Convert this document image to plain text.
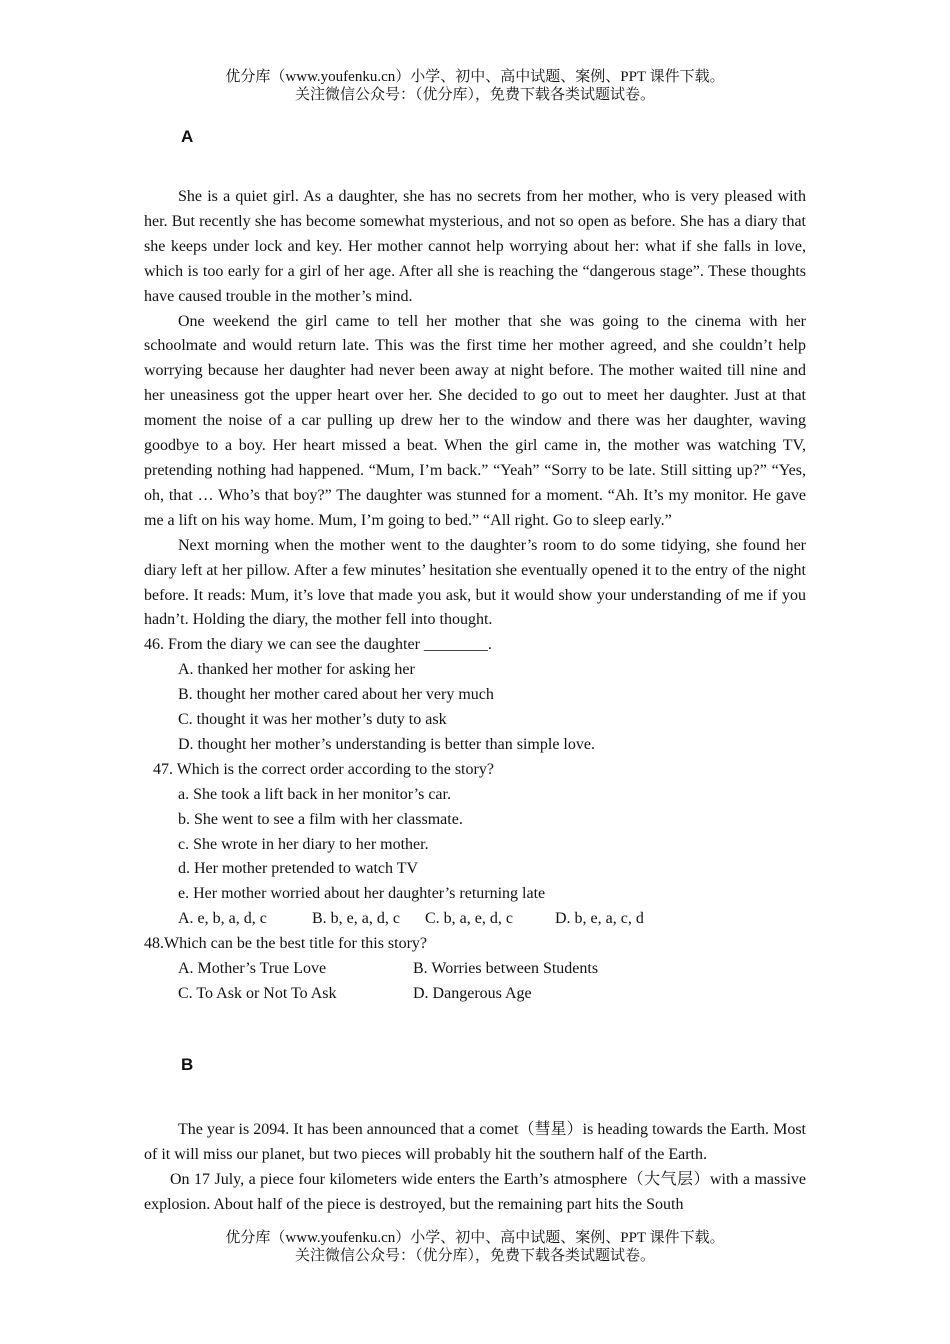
优分库（www.youfenku.cn）小学、初中、高中试题、案例、PPT 课件下载。
关注微信公众号：（优分库），免费下载各类试题试卷。
A

She is a quiet girl. As a daughter, she has no secrets from her mother, who is very pleased with her. But recently she has become somewhat mysterious, and not so open as before. She has a diary that she keeps under lock and key. Her mother cannot help worrying about her: what if she falls in love, which is too early for a girl of her age. After all she is reaching the “dangerous stage”. These thoughts have caused trouble in the mother’s mind.

One weekend the girl came to tell her mother that she was going to the cinema with her schoolmate and would return late. This was the first time her mother agreed, and she couldn’t help worrying because her daughter had never been away at night before. The mother waited till nine and her uneasiness got the upper heart over her. She decided to go out to meet her daughter. Just at that moment the noise of a car pulling up drew her to the window and there was her daughter, waving goodbye to a boy. Her heart missed a beat. When the girl came in, the mother was watching TV, pretending nothing had happened. “Mum, I’m back.” “Yeah” “Sorry to be late. Still sitting up?” “Yes, oh, that … Who’s that boy?” The daughter was stunned for a moment. “Ah. It’s my monitor. He gave me a lift on his way home. Mum, I’m going to bed.” “All right. Go to sleep early.”

Next morning when the mother went to the daughter’s room to do some tidying, she found her diary left at her pillow. After a few minutes’ hesitation she eventually opened it to the entry of the night before. It reads: Mum, it’s love that made you ask, but it would show your understanding of me if you hadn’t. Holding the diary, the mother fell into thought.

46. From the diary we can see the daughter ________.

A. thanked her mother for asking her

B. thought her mother cared about her very much

C. thought it was her mother’s duty to ask

D. thought her mother’s understanding is better than simple love.

47. Which is the correct order according to the story?

a. She took a lift back in her monitor’s car.

b. She went to see a film with her classmate.

c. She wrote in her diary to her mother.

d. Her mother pretended to watch TV

e. Her mother worried about her daughter’s returning late

A. e, b, a, d, c	B. b, e, a, d, c C. b, a, e, d, c	D. b, e, a, c, d

48.Which can be the best title for this story?

A. Mother’s True Love	B. Worries between Students

C. To Ask or Not To Ask	D. Dangerous Age

B

The year is 2094. It has been announced that a comet（彗星）is heading towards the Earth. Most of it will miss our planet, but two pieces will probably hit the southern half of the Earth.

On 17 July, a piece four kilometers wide enters the Earth’s atmosphere（大气层）with a massive explosion. About half of the piece is destroyed, but the remaining part hits the South

优分库（www.youfenku.cn）小学、初中、高中试题、案例、PPT 课件下载。
关注微信公众号：（优分库），免费下载各类试题试卷。
